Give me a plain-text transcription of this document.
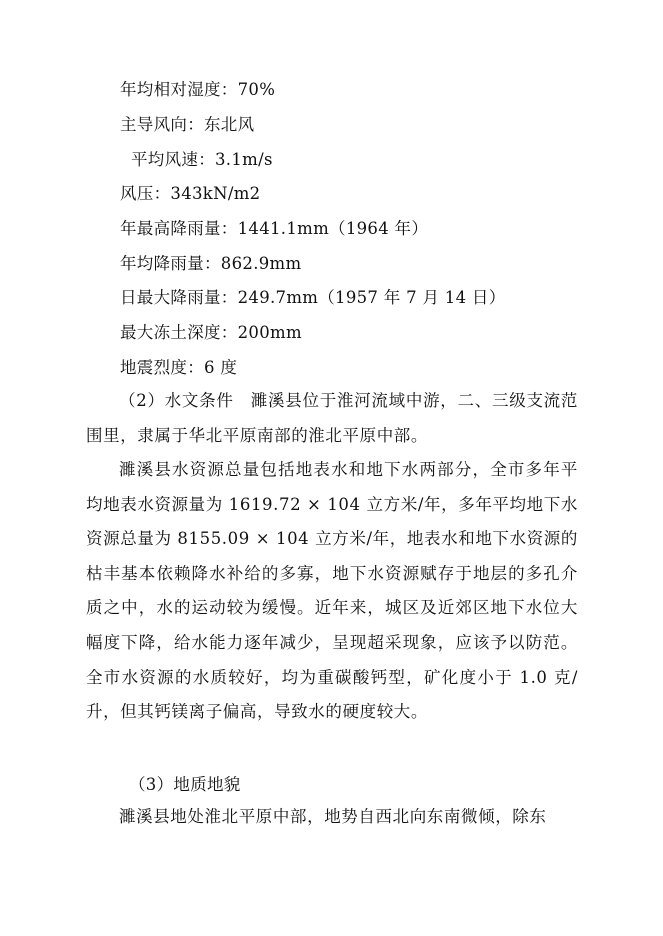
年均相对湿度：70%
主导风向：东北风
平均风速：3.1m/s
风压：343kN/m2
年最高降雨量：1441.1mm（1964 年）
年均降雨量：862.9mm
日最大降雨量：249.7mm（1957 年 7 月 14 日）
最大冻土深度：200mm
地震烈度：6 度

（2）水文条件　濉溪县位于淮河流域中游，二、三级支流范围里，隶属于华北平原南部的淮北平原中部。

濉溪县水资源总量包括地表水和地下水两部分，全市多年平均地表水资源量为 1619.72 × 104 立方米/年，多年平均地下水资源总量为 8155.09 × 104 立方米/年，地表水和地下水资源的枯丰基本依赖降水补给的多寡，地下水资源赋存于地层的多孔介质之中，水的运动较为缓慢。近年来，城区及近郊区地下水位大幅度下降，给水能力逐年减少，呈现超采现象，应该予以防范。全市水资源的水质较好，均为重碳酸钙型，矿化度小于 1.0 克/升，但其钙镁离子偏高，导致水的硬度较大。

（3）地质地貌

濉溪县地处淮北平原中部，地势自西北向东南微倾，除东
